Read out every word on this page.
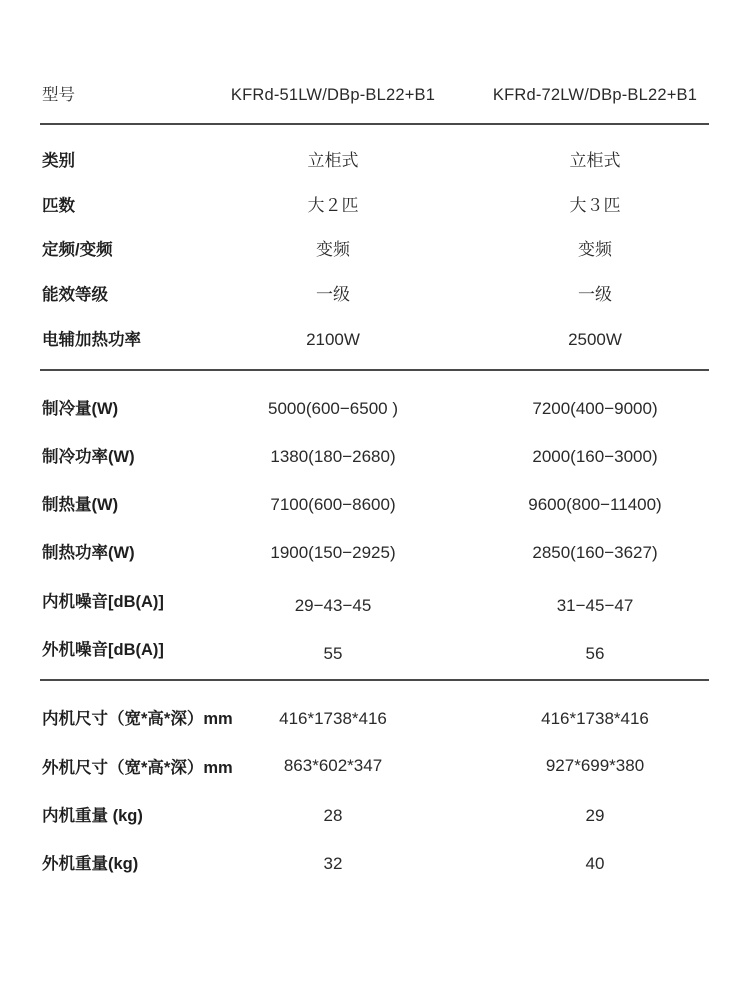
型号	KFRd-51LW/DBp-BL22+B1	KFRd-72LW/DBp-BL22+B1
类别	立柜式	立柜式
匹数	大２匹	大３匹
定频/变频	变频	变频
能效等级	一级	一级
电辅加热功率	2100W	2500W
制冷量(W)	5000(600−6500 )	7200(400−9000)
制冷功率(W)	1380(180−2680)	2000(160−3000)
制热量(W)	7100(600−8600)	9600(800−11400)
制热功率(W)	1900(150−2925)	2850(160−3627)
内机噪音[dB(A)]	29−43−45	31−45−47
外机噪音[dB(A)]	55	56
内机尺寸（宽*高*深）mm	416*1738*416	416*1738*416
外机尺寸（宽*高*深）mm	863*602*347	927*699*380
内机重量 (kg)	28	29
外机重量(kg)	32	40
